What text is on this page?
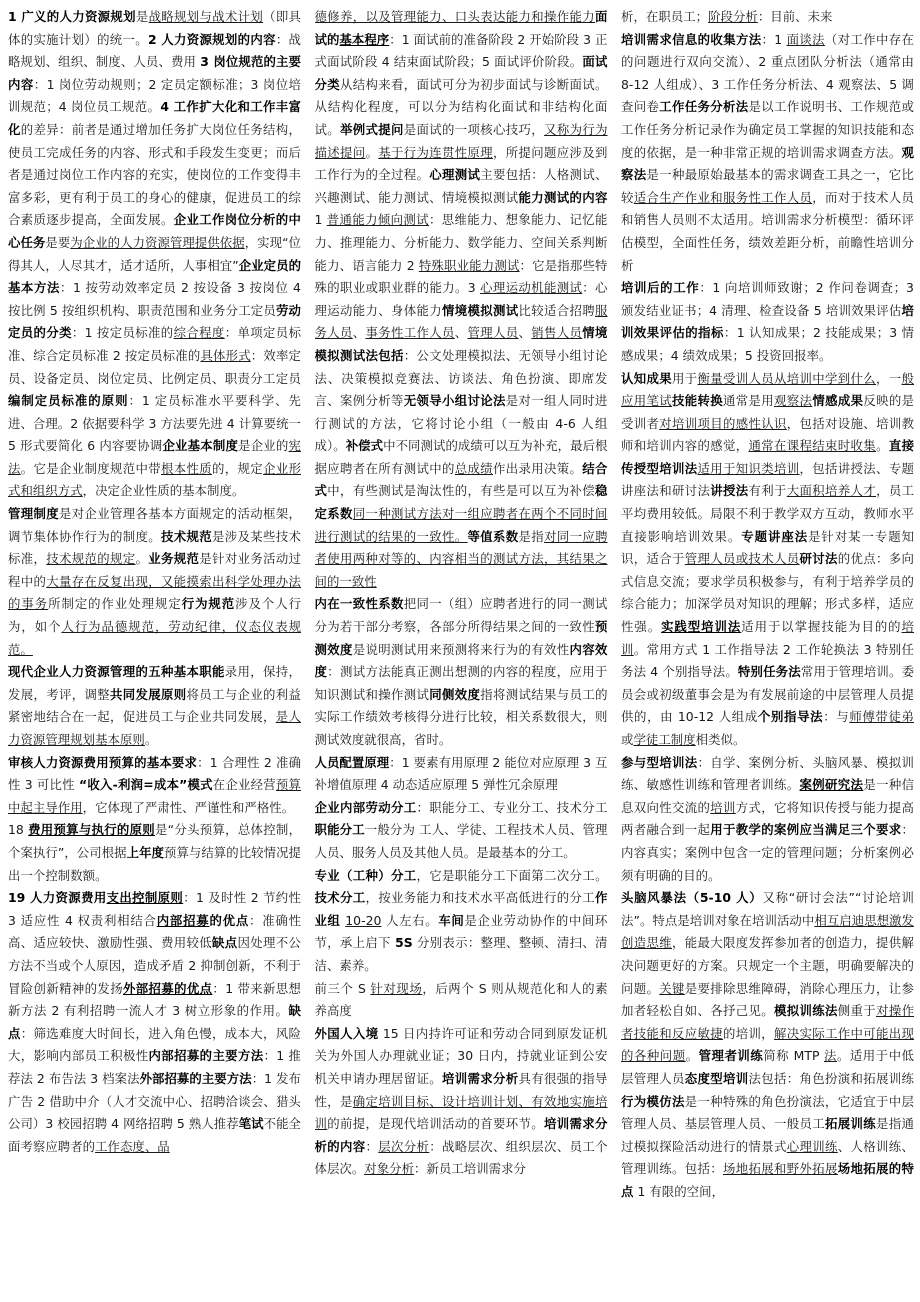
1 广义的人力资源规划是战略规划与战术计划（即具体的实施计划）的统一。2 人力资源规划的内容：战略规划、组织、制度、人员、费用 3 岗位规范的主要内容：1 岗位劳动规则；2 定员定额标准；3 岗位培训规范；4 岗位员工规范。4 工作扩大化和工作丰富化的差异：前者是通过增加任务扩大岗位任务结构，使员工完成任务的内容、形式和手段发生变更；而后者是通过岗位工作内容的充实，使岗位的工作变得丰富多彩，更有利于员工的身心的健康，促进员工的综合素质逐步提高，全面发展。企业工作岗位分析的中心任务是要为企业的人力资源管理提供依据，实现“位得其人，人尽其才，适才适所，人事相宜”企业定员的基本方法：1 按劳动效率定员 2 按设备 3 按岗位 4 按比例 5 按组织机构、职责范围和业务分工定员劳动定员的分类：1 按定员标准的综合程度：单项定员标准、综合定员标准 2 按定员标准的具体形式：效率定员、设备定员、岗位定员、比例定员、职责分工定员编制定员标准的原则：1 定员标准水平要科学、先进、合理。2 依据要科学 3 方法要先进 4 计算要统一 5 形式要简化 6 内容要协调企业基本制度是企业的宪法。它是企业制度规范中带根本性质的，规定企业形式和组织方式，决定企业性质的基本制度。

管理制度是对企业管理各基本方面规定的活动框架，调节集体协作行为的制度。技术规范是涉及某些技术标准，技术规范的规定。业务规范是针对业务活动过程中的大量存在反复出现，又能摸索出科学处理办法的事务所制定的作业处理规定行为规范涉及个人行为，如个人行为品德规范，劳动纪律，仪态仪表规范。

现代企业人力资源管理的五种基本职能录用，保持，发展，考评，调整共同发展原则将员工与企业的利益紧密地结合在一起，促进员工与企业共同发展，是人力资源管理规划基本原则。

审核人力资源费用预算的基本要求：1 合理性 2 准确性 3 可比性 “收入-利润=成本”模式在企业经营预算中起主导作用，它体现了严肃性、严谨性和严格性。

18 费用预算与执行的原则是“分头预算，总体控制，个案执行”，公司根据上年度预算与结算的比较情况提出一个控制数额。

19 人力资源费用支出控制原则：1 及时性 2 节约性 3 适应性 4 权责利相结合内部招募的优点：准确性高、适应较快、激励性强、费用较低缺点因处理不公方法不当或个人原因，造成矛盾 2 抑制创新，不利于冒险创新精神的发扬外部招募的优点：1 带来新思想新方法 2 有利招聘一流人才 3 树立形象的作用。缺点：筛选难度大时间长，进入角色慢，成本大，风险大，影响内部员工积极性内部招募的主要方法：1 推荐法 2 布告法 3 档案法外部招募的主要方法：1 发布广告 2 借助中介（人才交流中心、招聘洽谈会、猎头公司）3 校园招聘 4 网络招聘 5 熟人推荐笔试不能全面考察应聘者的工作态度、品

德修养，以及管理能力、口头表达能力和操作能力面试的基本程序：1 面试前的准备阶段 2 开始阶段 3 正式面试阶段 4 结束面试阶段；5 面试评价阶段。面试分类从结构来看，面试可分为初步面试与诊断面试。从结构化程度，可以分为结构化面试和非结构化面试。举例式提问是面试的一项核心技巧，又称为行为描述提问。基于行为连贯性原理，所提问题应涉及到工作行为的全过程。心理测试主要包括：人格测试、兴趣测试、能力测试、情境模拟测试能力测试的内容 1 普通能力倾向测试：思维能力、想象能力、记忆能力、推理能力、分析能力、数学能力、空间关系判断能力、语言能力 2 特殊职业能力测试：它是指那些特殊的职业或职业群的能力。3 心理运动机能测试：心理运动能力、身体能力情境模拟测试比较适合招聘服务人员、事务性工作人员、管理人员、销售人员情境模拟测试法包括：公文处理模拟法、无领导小组讨论法、决策模拟竞赛法、访谈法、角色扮演、即席发言、案例分析等无领导小组讨论法是对一组人同时进行测试的方法，它将讨论小组（一般由 4-6 人组成）。补偿式中不同测试的成绩可以互为补充，最后根据应聘者在所有测试中的总成绩作出录用决策。结合式中，有些测试是淘汰性的，有些是可以互为补偿稳定系数同一种测试方法对一组应聘者在两个不同时间进行测试的结果的一致性。等值系数是指对同一应聘者使用两种对等的、内容相当的测试方法，其结果之间的一致性

内在一致性系数把同一（组）应聘者进行的同一测试分为若干部分考察，各部分所得结果之间的一致性预测效度是说明测试用来预测将来行为的有效性内容效度：测试方法能真正测出想测的内容的程度，应用于知识测试和操作测试同侧效度指将测试结果与员工的实际工作绩效考核得分进行比较，相关系数很大，则测试效度就很高，省时。

人员配置原理：1 要素有用原理 2 能位对应原理 3 互补增值原理 4 动态适应原理 5 弹性冗余原理

企业内部劳动分工：职能分工、专业分工、技术分工职能分工一般分为 工人、学徒、工程技术人员、管理人员、服务人员及其他人员。是最基本的分工。

专业（工种）分工，它是职能分工下面第二次分工。技术分工，按业务能力和技术水平高低进行的分工作业组 10-20 人左右。车间是企业劳动协作的中间环节，承上启下 5S 分别表示：整理、整顿、清扫、清洁、素养。

前三个 S 针对现场，后两个 S 则从规范化和人的素养高度

外国人入境 15 日内持许可证和劳动合同到原发证机关为外国人办理就业证；30 日内，持就业证到公安机关申请办理居留证。培训需求分析具有很强的指导性，是确定培训目标、设计培训计划、有效地实施培训的前提，是现代培训活动的首要环节。培训需求分析的内容：层次分析：战略层次、组织层次、员工个体层次。对象分析：新员工培训需求分

析，在职员工；阶段分析：目前、未来

培训需求信息的收集方法：1 面谈法（对工作中存在的问题进行双向交流）、2 重点团队分析法（通常由 8-12 人组成）、3 工作任务分析法、4 观察法、5 调查问卷工作任务分析法是以工作说明书、工作规范或工作任务分析记录作为确定员工掌握的知识技能和态度的依据，是一种非常正规的培训需求调查方法。观察法是一种最原始最基本的需求调查工具之一，它比较适合生产作业和服务性工作人员，而对于技术人员和销售人员则不太适用。培训需求分析模型：循环评估模型，全面性任务，绩效差距分析，前瞻性培训分析

培训后的工作：1 向培训师致谢；2 作问卷调查；3 颁发结业证书；4 清理、检查设备 5 培训效果评估培训效果评估的指标：1 认知成果；2 技能成果；3 情感成果；4 绩效成果；5 投资回报率。

认知成果用于衡量受训人员从培训中学到什么，一般应用笔试技能转换通常是用观察法情感成果反映的是受训者对培训项目的感性认识，包括对设施、培训教师和培训内容的感觉，通常在课程结束时收集。直接传授型培训法适用于知识类培训，包括讲授法、专题讲座法和研讨法讲授法有利于大面积培养人才，员工平均费用较低。局限不利于教学双方互动，教师水平直接影响培训效果。专题讲座法是针对某一专题知识，适合于管理人员或技术人员研讨法的优点：多向式信息交流；要求学员积极参与，有利于培养学员的综合能力；加深学员对知识的理解；形式多样，适应性强。实践型培训法适用于以掌握技能为目的的培训。常用方式 1 工作指导法 2 工作轮换法 3 特别任务法 4 个别指导法。特别任务法常用于管理培训。委员会或初级董事会是为有发展前途的中层管理人员提供的，由 10-12 人组成个别指导法：与师傅带徒弟或学徒工制度相类似。

参与型培训法：自学、案例分析、头脑风暴、模拟训练、敏感性训练和管理者训练。案例研究法是一种信息双向性交流的培训方式，它将知识传授与能力提高两者融合到一起用于教学的案例应当满足三个要求：内容真实；案例中包含一定的管理问题；分析案例必须有明确的目的。

头脑风暴法（5-10 人）又称“研讨会法”“讨论培训法”。特点是培训对象在培训活动中相互启迪思想激发创造思维，能最大限度发挥参加者的创造力，提供解决问题更好的方案。只规定一个主题，明确要解决的问题。关键是要排除思维障碍，消除心理压力，让参加者轻松自如、各抒己见。模拟训练法侧重于对操作者技能和反应敏捷的培训，解决实际工作中可能出现的各种问题。管理者训练简称 MTP 法。适用于中低层管理人员态度型培训法包括：角色扮演和拓展训练行为模仿法是一种特殊的角色扮演法，它适宜于中层管理人员、基层管理人员、一般员工拓展训练是指通过模拟探险活动进行的情景式心理训练、人格训练、管理训练。包括：场地拓展和野外拓展场地拓展的特点 1 有限的空间，
